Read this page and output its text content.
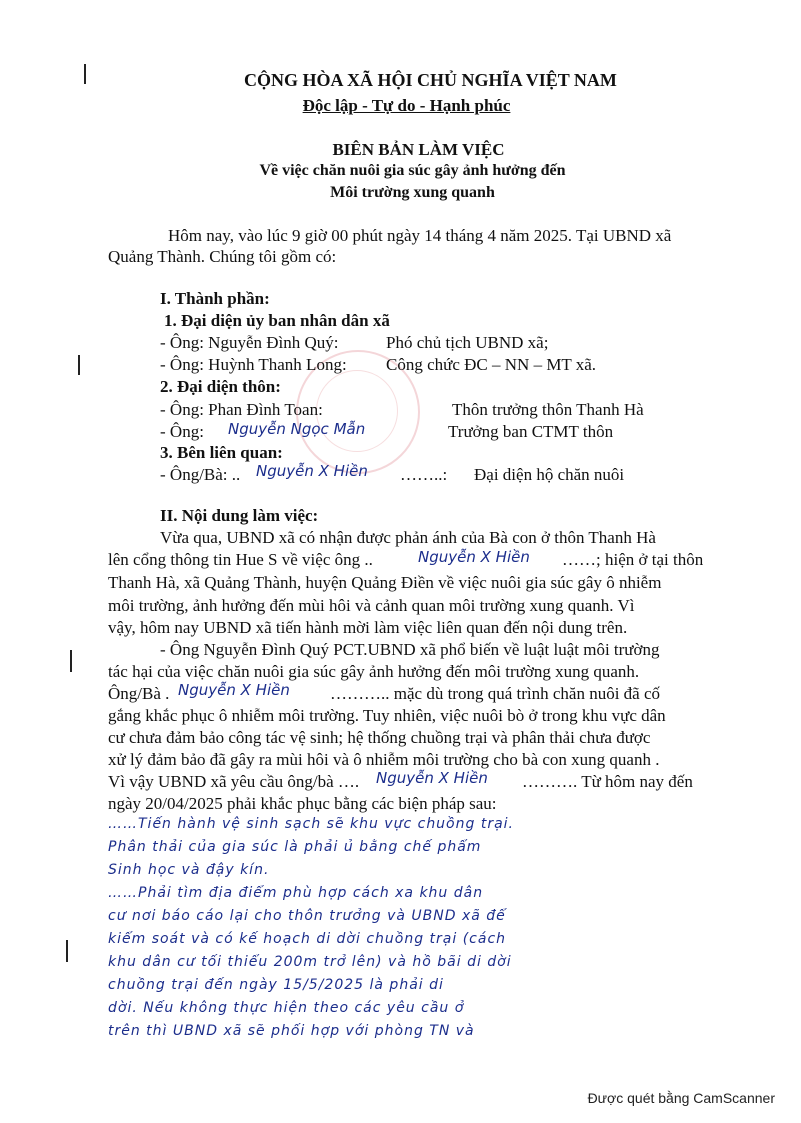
CỘNG HÒA XÃ HỘI CHỦ NGHĨA VIỆT NAM
Độc lập - Tự do - Hạnh phúc
BIÊN BẢN LÀM VIỆC
Về việc chăn nuôi gia súc gây ảnh hưởng đến
Môi trường xung quanh
Hôm nay, vào lúc 9 giờ 00 phút ngày 14 tháng 4 năm 2025. Tại UBND xã
Quảng Thành. Chúng tôi gồm có:
I. Thành phần:
1. Đại diện ủy ban nhân dân xã
- Ông: Nguyễn Đình Quý:	Phó chủ tịch UBND xã;
- Ông: Huỳnh Thanh Long: Công chức ĐC – NN – MT xã.
2. Đại diện thôn:
- Ông: Phan Đình Toan:	Thôn trưởng thôn Thanh Hà
- Ông: Nguyễn Ngọc Mẫn	Trưởng ban CTMT thôn
3. Bên liên quan:
- Ông/Bà: .. Nguyễn X Hiền ……..: Đại diện hộ chăn nuôi
II. Nội dung làm việc:
Vừa qua, UBND xã có nhận được phản ánh của Bà con ở thôn Thanh Hà
lên cổng thông tin Hue S về việc ông ..	Nguyễn X Hiền ……; hiện ở tại thôn
Thanh Hà, xã Quảng Thành, huyện Quảng Điền về việc nuôi gia súc gây ô nhiễm
môi trường, ảnh hưởng đến mùi hôi và cảnh quan môi trường xung quanh. Vì
vậy, hôm nay UBND xã tiến hành mời làm việc liên quan đến nội dung trên.
- Ông Nguyễn Đình Quý PCT.UBND xã phổ biến về luật luật môi trường
tác hại của việc chăn nuôi gia súc gây ảnh hưởng đến môi trường xung quanh.
Ông/Bà . Nguyễn X Hiền ……….. mặc dù trong quá trình chăn nuôi đã cố
gắng khắc phục ô nhiễm môi trường. Tuy nhiên, việc nuôi bò ở trong khu vực dân
cư chưa đảm bảo công tác vệ sinh; hệ thống chuồng trại và phân thải chưa được
xử lý đảm bảo đã gây ra mùi hôi và ô nhiễm môi trường cho bà con xung quanh .
Vì vậy UBND xã yêu cầu ông/bà …. Nguyễn X Hiền ………. Từ hôm nay đến
ngày 20/04/2025 phải khắc phục bằng các biện pháp sau:
……Tiến hành vệ sinh sạch sẽ khu vực chuồng trại.
Phân thải của gia súc là phải ủ bằng chế phẩm
Sinh học và đậy kín.
……Phải tìm địa điểm phù hợp cách xa khu dân
cư nơi báo cáo lại cho thôn trưởng và UBND xã để
kiểm soát và có kế hoạch di dời chuồng trại (cách
khu dân cư tối thiểu 200m trở lên) và hồ bãi di dời
chuồng trại đến ngày 15/5/2025 là phải di
dời. Nếu không thực hiện theo các yêu cầu ở
trên thì UBND xã sẽ phối hợp với phòng TN và
Được quét bằng CamScanner
